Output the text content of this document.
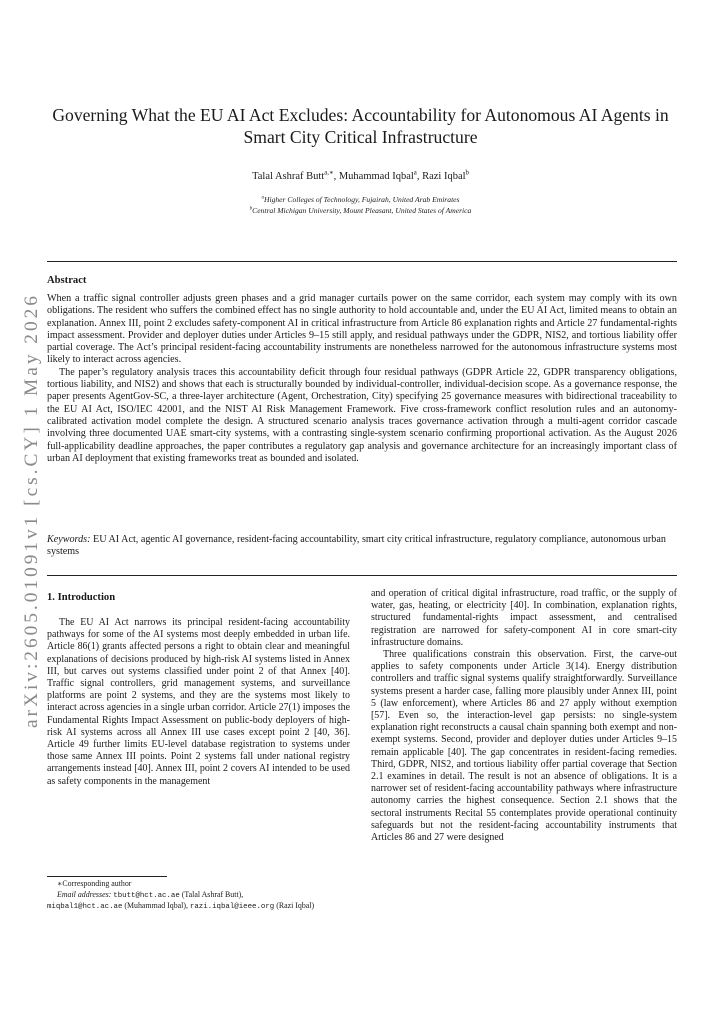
arXiv:2605.01091v1 [cs.CY] 1 May 2026
Governing What the EU AI Act Excludes: Accountability for Autonomous AI Agents in Smart City Critical Infrastructure
Talal Ashraf Butt$^{a,∗}$, Muhammad Iqbal$^a$, Razi Iqbal$^b$
$^a$Higher Colleges of Technology, Fujairah, United Arab Emirates
$^b$Central Michigan University, Mount Pleasant, United States of America
Abstract

When a traffic signal controller adjusts green phases and a grid manager curtails power on the same corridor, each system may comply with its own obligations. The resident who suffers the combined effect has no single authority to hold accountable and, under the EU AI Act, limited means to obtain an explanation. Annex III, point 2 excludes safety-component AI in critical infrastructure from Article 86 explanation rights and Article 27 fundamental-rights impact assessment. Provider and deployer duties under Articles 9–15 still apply, and residual pathways under the GDPR, NIS2, and tortious liability offer partial coverage. The Act’s principal resident-facing accountability instruments are nonetheless narrowed for the autonomous infrastructure systems most likely to interact across agencies.

The paper’s regulatory analysis traces this accountability deficit through four residual pathways (GDPR Article 22, GDPR transparency obligations, tortious liability, and NIS2) and shows that each is structurally bounded by individual-controller, individual-decision scope. As a governance response, the paper presents AgentGov-SC, a three-layer architecture (Agent, Orchestration, City) specifying 25 governance measures with bidirectional traceability to the EU AI Act, ISO/IEC 42001, and the NIST AI Risk Management Framework. Five cross-framework conflict resolution rules and an autonomy-calibrated activation model complete the design. A structured scenario analysis traces governance activation through a multi-agent corridor cascade involving three documented UAE smart-city systems, with a contrasting single-system scenario confirming proportional activation. As the August 2026 full-applicability deadline approaches, the paper contributes a regulatory gap analysis and governance architecture for an increasingly important class of urban AI deployment that existing frameworks treat as bounded and isolated.

Keywords: EU AI Act, agentic AI governance, resident-facing accountability, smart city critical infrastructure, regulatory compliance, autonomous urban systems
1. Introduction

The EU AI Act narrows its principal resident-facing accountability pathways for some of the AI systems most deeply embedded in urban life. Article 86(1) grants affected persons a right to obtain clear and meaningful explanations of decisions produced by high-risk AI systems listed in Annex III, but carves out systems classified under point 2 of that Annex [40]. Traffic signal controllers, grid management systems, and surveillance platforms are point 2 systems, and they are the systems most likely to interact across agencies in a single urban corridor. Article 27(1) imposes the Fundamental Rights Impact Assessment on public-body deployers of high-risk AI systems across all Annex III use cases except point 2 [40, 36]. Article 49 further limits EU-level database registration to systems under those same Annex III points. Point 2 systems fall under national registry arrangements instead [40]. Annex III, point 2 covers AI intended to be used as safety components in the management

and operation of critical digital infrastructure, road traffic, or the supply of water, gas, heating, or electricity [40]. In combination, explanation rights, structured fundamental-rights impact assessment, and centralised registration are narrowed for safety-component AI in core smart-city infrastructure domains.

Three qualifications constrain this observation. First, the carve-out applies to safety components under Article 3(14). Energy distribution controllers and traffic signal systems qualify straightforwardly. Surveillance systems present a harder case, falling more plausibly under Annex III, point 5 (law enforcement), where Articles 86 and 27 apply without exemption [57]. Even so, the interaction-level gap persists: no single-system explanation right reconstructs a causal chain spanning both exempt and non-exempt systems. Second, provider and deployer duties under Articles 9–15 remain applicable [40]. The gap concentrates in resident-facing remedies. Third, GDPR, NIS2, and tortious liability offer partial coverage that Section 2.1 examines in detail. The result is not an absence of obligations. It is a narrower set of resident-facing accountability pathways where infrastructure autonomy carries the highest consequence. Section 2.1 shows that the sectoral instruments Recital 55 contemplates provide operational continuity safeguards but not the resident-facing accountability instruments that Articles 86 and 27 were designed

∗Corresponding author
Email addresses: tbutt@hct.ac.ae (Talal Ashraf Butt),
miqbal1@hct.ac.ae (Muhammad Iqbal), razi.iqbal@ieee.org (Razi Iqbal)
